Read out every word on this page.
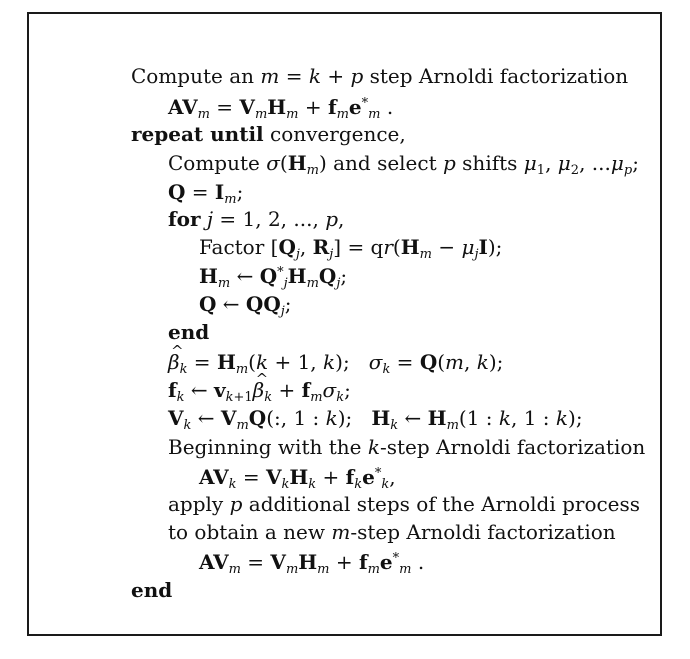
Compute an m = k + p step Arnoldi factorization
$AV_m = V_mH_m + f_me^*_m$ .
repeat until convergence,
Compute $\sigma(H_m)$ and select p shifts $\mu_1$, $\mu_2$, $...\mu_p$;
$Q = I_m$;
for j = 1, 2, ..., p,
Factor [$Q_j$, $R_j] = qr(H_m - \mu_jI)$;
$H_m$ ← $Q^*_jH_mQ_j$;
Q ← $QQ_j$;
end
^ $\beta_k = H_m(k + 1$, k);   $\sigma_k = Q(m$, k);
$f_k$ ← $v_{k+1}\^{}$ $\beta_k + f_m\sigma_k$;
$V_k$ ← $V_mQ$(:, 1 : k);   $H_k$ ← $H_m(1$ : k, 1 : k);
Beginning with the k-step Arnoldi factorization
$AV_k = V_kH_k + f_ke^*_k$,
apply p additional steps of the Arnoldi process
to obtain a new m-step Arnoldi factorization
$AV_m = V_mH_m + f_me^*_m$ .
end
